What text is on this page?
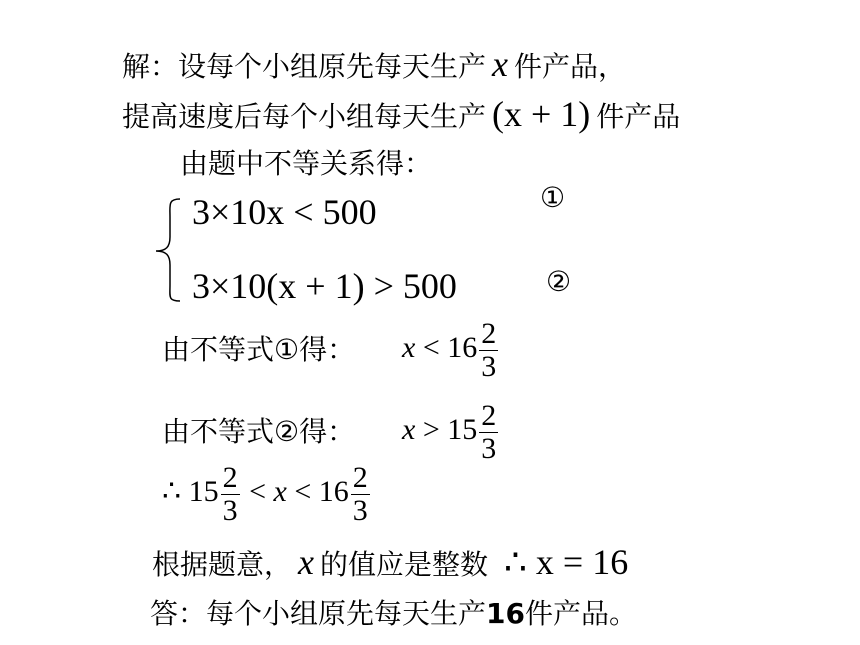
解：设每个小组原先每天生产 x 件产品，
提高速度后每个小组每天生产 (x + 1) 件产品
由题中不等关系得：
3×10x < 500
3×10(x + 1) > 500
①
②
由不等式①得： $x < 16 \frac{2}{3}$
由不等式②得： $x > 15 \frac{2}{3}$
∴ $15 \frac{2}{3} < x < 16 \frac{2}{3}$
根据题意， x 的值应是整数 ∴ x = 16
答：每个小组原先每天生产16件产品。
